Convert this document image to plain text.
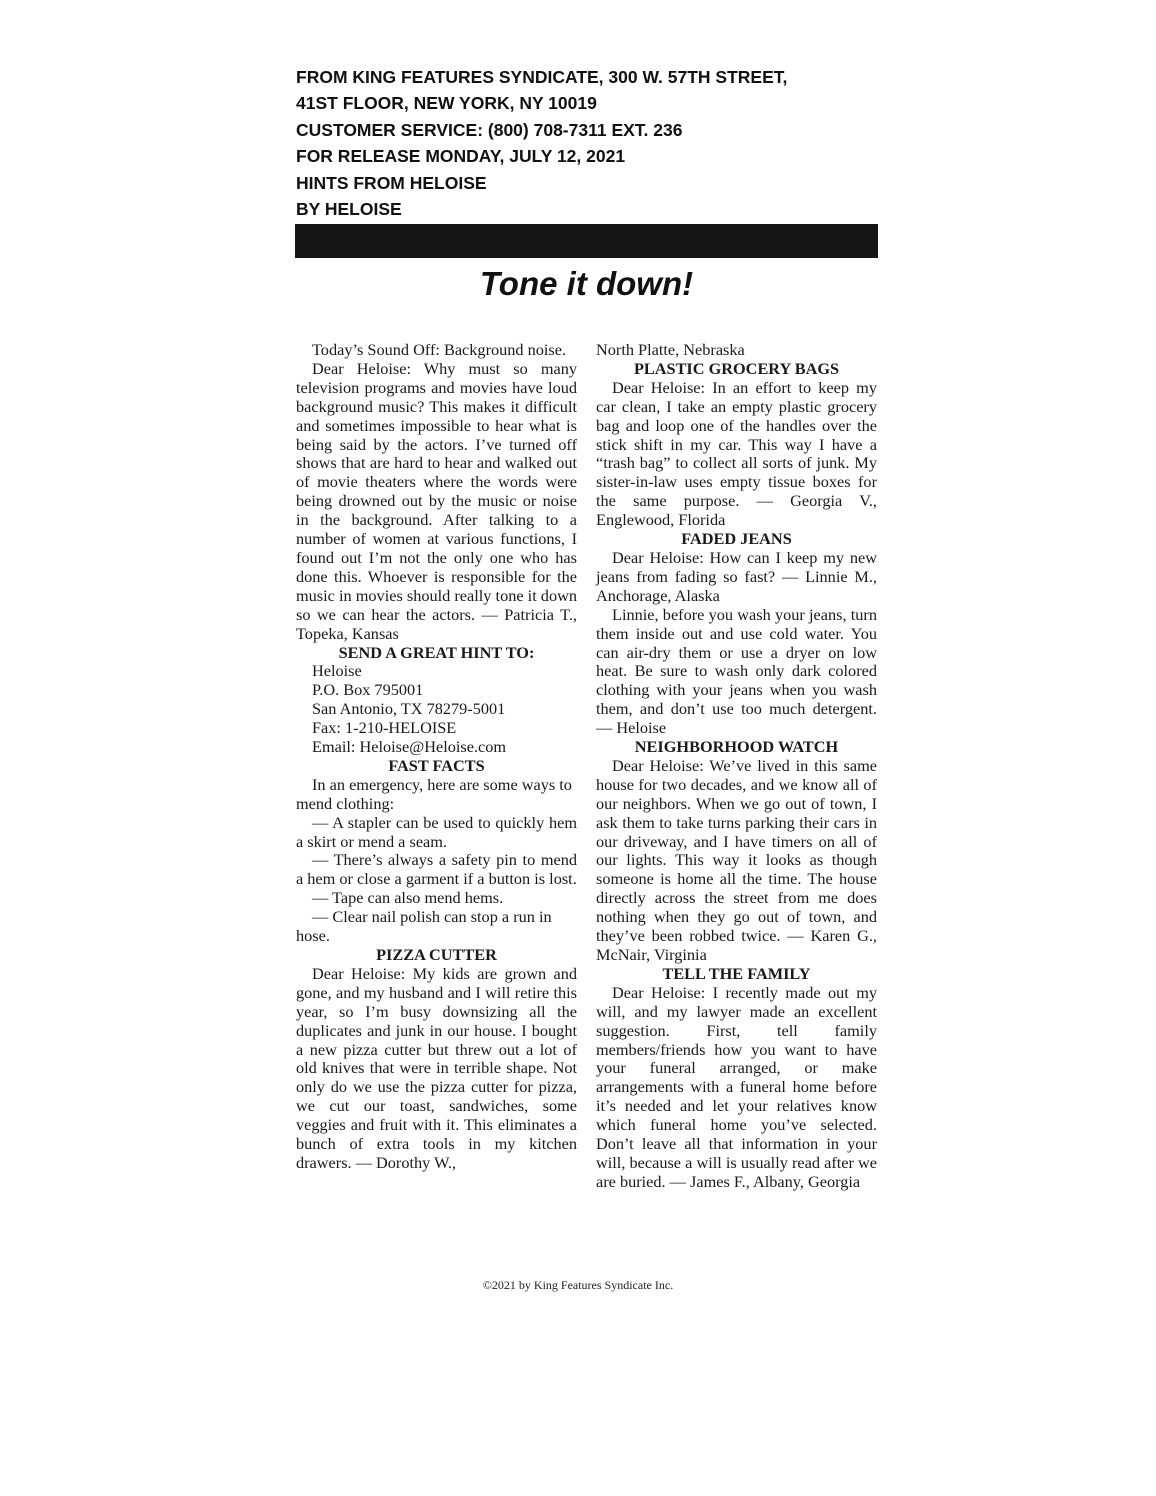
FROM KING FEATURES SYNDICATE, 300 W. 57TH STREET,
41ST FLOOR, NEW YORK, NY 10019
CUSTOMER SERVICE: (800) 708-7311 EXT. 236
FOR RELEASE MONDAY, JULY 12, 2021
HINTS FROM HELOISE
BY HELOISE
Tone it down!

Today’s Sound Off: Background noise.

Dear Heloise: Why must so many television programs and movies have loud background music? This makes it difficult and sometimes impossible to hear what is being said by the actors. I’ve turned off shows that are hard to hear and walked out of movie theaters where the words were being drowned out by the music or noise in the background. After talking to a number of women at various functions, I found out I’m not the only one who has done this. Whoever is responsible for the music in movies should really tone it down so we can hear the actors. — Patricia T., Topeka, Kansas

SEND A GREAT HINT TO:
Heloise
P.O. Box 795001
San Antonio, TX 78279-5001
Fax: 1-210-HELOISE
Email: Heloise@Heloise.com
FAST FACTS

In an emergency, here are some ways to mend clothing:

— A stapler can be used to quickly hem a skirt or mend a seam.

— There’s always a safety pin to mend a hem or close a garment if a button is lost.

— Tape can also mend hems.

— Clear nail polish can stop a run in hose.

PIZZA CUTTER

Dear Heloise: My kids are grown and gone, and my husband and I will retire this year, so I’m busy downsizing all the duplicates and junk in our house. I bought a new pizza cutter but threw out a lot of old knives that were in terrible shape. Not only do we use the pizza cutter for pizza, we cut our toast, sandwiches, some veggies and fruit with it. This eliminates a bunch of extra tools in my kitchen drawers. — Dorothy W.,

North Platte, Nebraska

PLASTIC GROCERY BAGS

Dear Heloise: In an effort to keep my car clean, I take an empty plastic grocery bag and loop one of the handles over the stick shift in my car. This way I have a “trash bag” to collect all sorts of junk. My sister-in-law uses empty tissue boxes for the same purpose. — Georgia V., Englewood, Florida

FADED JEANS

Dear Heloise: How can I keep my new jeans from fading so fast? — Linnie M., Anchorage, Alaska

Linnie, before you wash your jeans, turn them inside out and use cold water. You can air-dry them or use a dryer on low heat. Be sure to wash only dark colored clothing with your jeans when you wash them, and don’t use too much detergent. — Heloise

NEIGHBORHOOD WATCH

Dear Heloise: We’ve lived in this same house for two decades, and we know all of our neighbors. When we go out of town, I ask them to take turns parking their cars in our driveway, and I have timers on all of our lights. This way it looks as though someone is home all the time. The house directly across the street from me does nothing when they go out of town, and they’ve been robbed twice. — Karen G., McNair, Virginia

TELL THE FAMILY

Dear Heloise: I recently made out my will, and my lawyer made an excellent suggestion. First, tell family members/friends how you want to have your funeral arranged, or make arrangements with a funeral home before it’s needed and let your relatives know which funeral home you’ve selected. Don’t leave all that information in your will, because a will is usually read after we are buried. — James F., Albany, Georgia

©2021 by King Features Syndicate Inc.
